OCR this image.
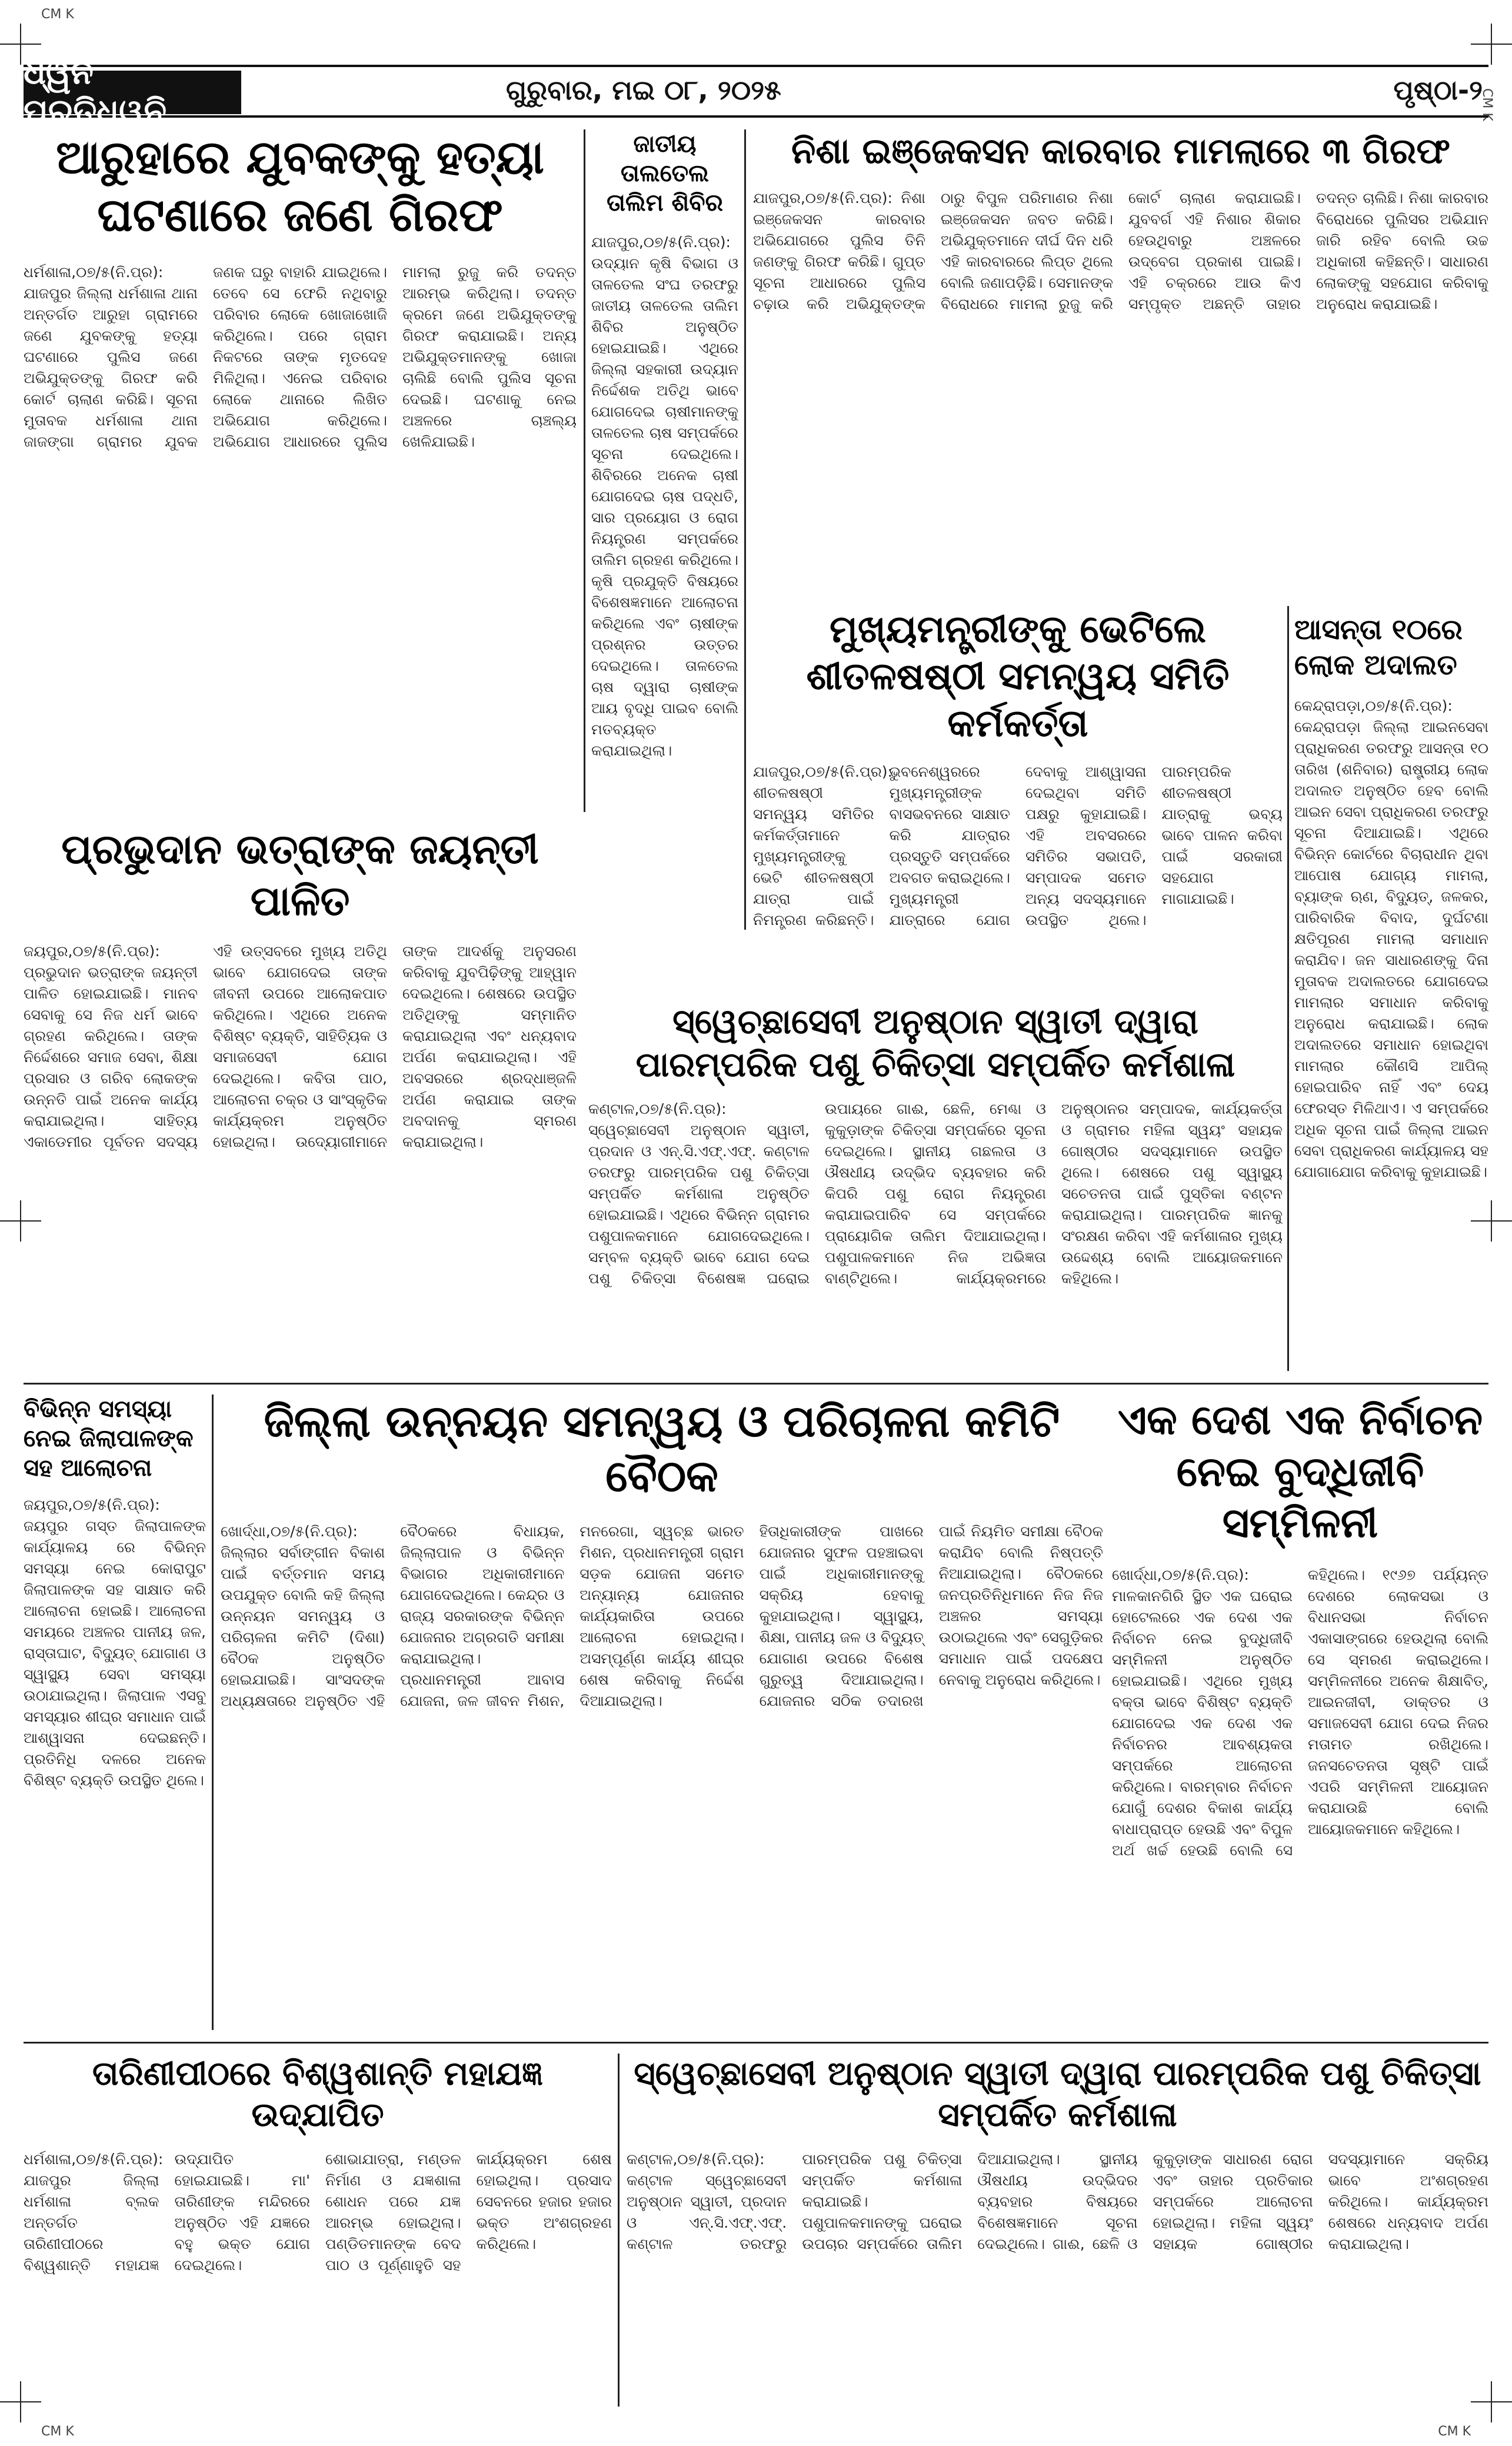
CM K
CM K
CM K	CM K
ଧ୍ୱନି ପ୍ରତିଧ୍ୱନି
ଗୁରୁବାର, ମଇ ୦୮, ୨୦୨୫	ପୃଷ୍ଠା-୨
ଆରୁହାରେ ଯୁବକଙ୍କୁ ହତ୍ୟା ଘଟଣାରେ ଜଣେ ଗିରଫ
ଧର୍ମଶାଳା,୦୭/୫(ନି.ପ୍ର): ଯାଜପୁର ଜିଲ୍ଲା ଧର୍ମଶାଳା ଥାନା ଅନ୍ତର୍ଗତ ଆରୁହା ଗ୍ରାମରେ ଜଣେ ଯୁବକଙ୍କୁ ହତ୍ୟା ଘଟଣାରେ ପୁଲିସ ଜଣେ ଅଭିଯୁକ୍ତଙ୍କୁ ଗିରଫ କରି କୋର୍ଟ ଚାଲାଣ କରିଛି। ସୂଚନା ମୁତାବକ ଧର୍ମଶାଳା ଥାନା ଜାଜଙ୍ଗା ଗ୍ରାମର ଯୁବକ ଜଣକ ଘରୁ ବାହାରି ଯାଇଥିଲେ। ତେବେ ସେ ଫେରି ନଥିବାରୁ ପରିବାର ଲୋକେ ଖୋଜାଖୋଜି କରିଥିଲେ। ପରେ ଗ୍ରାମ ନିକଟରେ ତାଙ୍କ ମୃତଦେହ ମିଳିଥିଲା। ଏନେଇ ପରିବାର ଲୋକେ ଥାନାରେ ଲିଖିତ ଅଭିଯୋଗ କରିଥିଲେ। ଅଭିଯୋଗ ଆଧାରରେ ପୁଲିସ ମାମଲା ରୁଜୁ କରି ତଦନ୍ତ ଆରମ୍ଭ କରିଥିଲା। ତଦନ୍ତ କ୍ରମେ ଜଣେ ଅଭିଯୁକ୍ତଙ୍କୁ ଗିରଫ କରାଯାଇଛି। ଅନ୍ୟ ଅଭିଯୁକ୍ତମାନଙ୍କୁ ଖୋଜା ଚାଲିଛି ବୋଲି ପୁଲିସ ସୂଚନା ଦେଇଛି। ଘଟଣାକୁ ନେଇ ଅଞ୍ଚଳରେ ଚାଞ୍ଚଲ୍ୟ ଖେଳିଯାଇଛି।
ଜାତୀୟ ତାଲତେଲ ତାଲିମ ଶିବିର
ଯାଜପୁର,୦୭/୫(ନି.ପ୍ର): ଉଦ୍ୟାନ କୃଷି ବିଭାଗ ଓ ତାଳତେଲ ସଂଘ ତରଫରୁ ଜାତୀୟ ତାଳତେଲ ତାଲିମ ଶିବିର ଅନୁଷ୍ଠିତ ହୋଇଯାଇଛି। ଏଥିରେ ଜିଲ୍ଲା ସହକାରୀ ଉଦ୍ୟାନ ନିର୍ଦ୍ଦେଶକ ଅତିଥି ଭାବେ ଯୋଗଦେଇ ଚାଷୀମାନଙ୍କୁ ତାଳତେଲ ଚାଷ ସମ୍ପର୍କରେ ସୂଚନା ଦେଇଥିଲେ। ଶିବିରରେ ଅନେକ ଚାଷୀ ଯୋଗଦେଇ ଚାଷ ପଦ୍ଧତି, ସାର ପ୍ରୟୋଗ ଓ ରୋଗ ନିୟନ୍ତ୍ରଣ ସମ୍ପର୍କରେ ତାଲିମ ଗ୍ରହଣ କରିଥିଲେ। କୃଷି ପ୍ରଯୁକ୍ତି ବିଷୟରେ ବିଶେଷଜ୍ଞମାନେ ଆଲୋଚନା କରିଥିଲେ ଏବଂ ଚାଷୀଙ୍କ ପ୍ରଶ୍ନର ଉତ୍ତର ଦେଇଥିଲେ। ତାଳତେଲ ଚାଷ ଦ୍ୱାରା ଚାଷୀଙ୍କ ଆୟ ବୃଦ୍ଧି ପାଇବ ବୋଲି ମତବ୍ୟକ୍ତ କରାଯାଇଥିଲା।
ନିଶା ଇଞ୍ଜେକସନ କାରବାର ମାମଲାରେ ୩ ଗିରଫ
ଯାଜପୁର,୦୭/୫(ନି.ପ୍ର): ନିଶା ଇଞ୍ଜେକସନ କାରବାର ଅଭିଯୋଗରେ ପୁଲିସ ତିନି ଜଣଙ୍କୁ ଗିରଫ କରିଛି। ଗୁପ୍ତ ସୂଚନା ଆଧାରରେ ପୁଲିସ ଚଢ଼ାଉ କରି ଅଭିଯୁକ୍ତଙ୍କ ଠାରୁ ବିପୁଳ ପରିମାଣର ନିଶା ଇଞ୍ଜେକସନ ଜବତ କରିଛି। ଅଭିଯୁକ୍ତମାନେ ଦୀର୍ଘ ଦିନ ଧରି ଏହି କାରବାରରେ ଲିପ୍ତ ଥିଲେ ବୋଲି ଜଣାପଡ଼ିଛି। ସେମାନଙ୍କ ବିରୋଧରେ ମାମଲା ରୁଜୁ କରି କୋର୍ଟ ଚାଲାଣ କରାଯାଇଛି। ଯୁବବର୍ଗ ଏହି ନିଶାର ଶିକାର ହେଉଥିବାରୁ ଅଞ୍ଚଳରେ ଉଦ୍‌ବେଗ ପ୍ରକାଶ ପାଇଛି। ଏହି ଚକ୍ରରେ ଆଉ କିଏ ସମ୍ପୃକ୍ତ ଅଛନ୍ତି ତାହାର ତଦନ୍ତ ଚାଲିଛି। ନିଶା କାରବାର ବିରୋଧରେ ପୁଲିସର ଅଭିଯାନ ଜାରି ରହିବ ବୋଲି ଉଚ୍ଚ ଅଧିକାରୀ କହିଛନ୍ତି। ସାଧାରଣ ଲୋକଙ୍କୁ ସହଯୋଗ କରିବାକୁ ଅନୁରୋଧ କରାଯାଇଛି।
ମୁଖ୍ୟମନ୍ତ୍ରୀଙ୍କୁ ଭେଟିଲେ ଶୀତଳଷଷ୍ଠୀ ସମନ୍ୱୟ ସମିତି କର୍ମକର୍ତ୍ତା
ଯାଜପୁର,୦୭/୫(ନି.ପ୍ର): ଶୀତଳଷଷ୍ଠୀ ସମନ୍ୱୟ ସମିତିର କର୍ମକର୍ତ୍ତାମାନେ ମୁଖ୍ୟମନ୍ତ୍ରୀଙ୍କୁ ଭେଟି ଶୀତଳଷଷ୍ଠୀ ଯାତ୍ରା ପାଇଁ ନିମନ୍ତ୍ରଣ କରିଛନ୍ତି। ଭୁବନେଶ୍ୱରରେ ମୁଖ୍ୟମନ୍ତ୍ରୀଙ୍କ ବାସଭବନରେ ସାକ୍ଷାତ କରି ଯାତ୍ରାର ପ୍ରସ୍ତୁତି ସମ୍ପର୍କରେ ଅବଗତ କରାଇଥିଲେ। ମୁଖ୍ୟମନ୍ତ୍ରୀ ଯାତ୍ରାରେ ଯୋଗ ଦେବାକୁ ଆଶ୍ୱାସନା ଦେଇଥିବା ସମିତି ପକ୍ଷରୁ କୁହାଯାଇଛି। ଏହି ଅବସରରେ ସମିତିର ସଭାପତି, ସମ୍ପାଦକ ସମେତ ଅନ୍ୟ ସଦସ୍ୟମାନେ ଉପସ୍ଥିତ ଥିଲେ। ପାରମ୍ପରିକ ଶୀତଳଷଷ୍ଠୀ ଯାତ୍ରାକୁ ଭବ୍ୟ ଭାବେ ପାଳନ କରିବା ପାଇଁ ସରକାରୀ ସହଯୋଗ ମାଗାଯାଇଛି।
ଆସନ୍ତା ୧୦ରେ ଲୋକ ଅଦାଲତ
କେନ୍ଦ୍ରାପଡ଼ା,୦୭/୫(ନି.ପ୍ର): କେନ୍ଦ୍ରାପଡ଼ା ଜିଲ୍ଲା ଆଇନସେବା ପ୍ରାଧିକରଣ ତରଫରୁ ଆସନ୍ତା ୧୦ ତାରିଖ (ଶନିବାର) ରାଷ୍ଟ୍ରୀୟ ଲୋକ ଅଦାଲତ ଅନୁଷ୍ଠିତ ହେବ ବୋଲି ଆଇନ ସେବା ପ୍ରାଧିକରଣ ତରଫରୁ ସୂଚନା ଦିଆଯାଇଛି। ଏଥିରେ ବିଭିନ୍ନ କୋର୍ଟରେ ବିଚାରାଧୀନ ଥିବା ଆପୋଷ ଯୋଗ୍ୟ ମାମଲା, ବ୍ୟାଙ୍କ ଋଣ, ବିଦ୍ୟୁତ୍, ଜଳକର, ପାରିବାରିକ ବିବାଦ, ଦୁର୍ଘଟଣା କ୍ଷତିପୂରଣ ମାମଲା ସମାଧାନ କରାଯିବ। ଜନ ସାଧାରଣଙ୍କୁ ଦିନା ମୁତାବକ ଅଦାଲତରେ ଯୋଗଦେଇ ମାମଲାର ସମାଧାନ କରିବାକୁ ଅନୁରୋଧ କରାଯାଇଛି। ଲୋକ ଅଦାଲତରେ ସମାଧାନ ହୋଇଥିବା ମାମଲାର କୌଣସି ଆପିଲ୍ ହୋଇପାରିବ ନାହିଁ ଏବଂ ଦେୟ ଫେରସ୍ତ ମିଳିଥାଏ। ଏ ସମ୍ପର୍କରେ ଅଧିକ ସୂଚନା ପାଇଁ ଜିଲ୍ଲା ଆଇନ ସେବା ପ୍ରାଧିକରଣ କାର୍ଯ୍ୟାଳୟ ସହ ଯୋଗାଯୋଗ କରିବାକୁ କୁହାଯାଇଛି।
ପ୍ରଭୁଦାନ ଭତ୍ରାଙ୍କ ଜୟନ୍ତୀ ପାଳିତ
ଜୟପୁର,୦୭/୫(ନି.ପ୍ର): ପ୍ରଭୁଦାନ ଭତ୍ରାଙ୍କ ଜୟନ୍ତୀ ପାଳିତ ହୋଇଯାଇଛି। ମାନବ ସେବାକୁ ସେ ନିଜ ଧର୍ମ ଭାବେ ଗ୍ରହଣ କରିଥିଲେ। ତାଙ୍କ ନିର୍ଦ୍ଦେଶରେ ସମାଜ ସେବା, ଶିକ୍ଷା ପ୍ରସାର ଓ ଗରିବ ଲୋକଙ୍କ ଉନ୍ନତି ପାଇଁ ଅନେକ କାର୍ଯ୍ୟ କରାଯାଇଥିଲା। ସାହିତ୍ୟ ଏକାଡେମୀର ପୂର୍ବତନ ସଦସ୍ୟ ଏହି ଉତ୍ସବରେ ମୁଖ୍ୟ ଅତିଥି ଭାବେ ଯୋଗଦେଇ ତାଙ୍କ ଜୀବନୀ ଉପରେ ଆଲୋକପାତ କରିଥିଲେ। ଏଥିରେ ଅନେକ ବିଶିଷ୍ଟ ବ୍ୟକ୍ତି, ସାହିତ୍ୟିକ ଓ ସମାଜସେବୀ ଯୋଗ ଦେଇଥିଲେ। କବିତା ପାଠ, ଆଲୋଚନା ଚକ୍ର ଓ ସାଂସ୍କୃତିକ କାର୍ଯ୍ୟକ୍ରମ ଅନୁଷ୍ଠିତ ହୋଇଥିଲା। ଉଦ୍ୟୋଗୀମାନେ ତାଙ୍କ ଆଦର୍ଶକୁ ଅନୁସରଣ କରିବାକୁ ଯୁବପିଢ଼ିଙ୍କୁ ଆହ୍ୱାନ ଦେଇଥିଲେ। ଶେଷରେ ଉପସ୍ଥିତ ଅତିଥିଙ୍କୁ ସମ୍ମାନିତ କରାଯାଇଥିଲା ଏବଂ ଧନ୍ୟବାଦ ଅର୍ପଣ କରାଯାଇଥିଲା। ଏହି ଅବସରରେ ଶ୍ରଦ୍ଧାଞ୍ଜଳି ଅର୍ପଣ କରାଯାଇ ତାଙ୍କ ଅବଦାନକୁ ସ୍ମରଣ କରାଯାଇଥିଲା।
ସ୍ୱେଚ୍ଛାସେବୀ ଅନୁଷ୍ଠାନ ସ୍ୱାତୀ ଦ୍ୱାରା ପାରମ୍ପରିକ ପଶୁ ଚିକିତ୍ସା ସମ୍ପର୍କିତ କର୍ମଶାଳା
କଣ୍ଟାଳ,୦୭/୫(ନି.ପ୍ର): ସ୍ୱେଚ୍ଛାସେବୀ ଅନୁଷ୍ଠାନ ସ୍ୱାତୀ, ପ୍ରଦାନ ଓ ଏନ୍.ସି.ଏଫ୍.ଏଫ୍. କଣ୍ଟାଳ ତରଫରୁ ପାରମ୍ପରିକ ପଶୁ ଚିକିତ୍ସା ସମ୍ପର୍କିତ କର୍ମଶାଳା ଅନୁଷ୍ଠିତ ହୋଇଯାଇଛି। ଏଥିରେ ବିଭିନ୍ନ ଗ୍ରାମର ପଶୁପାଳକମାନେ ଯୋଗଦେଇଥିଲେ। ସମ୍ବଳ ବ୍ୟକ୍ତି ଭାବେ ଯୋଗ ଦେଇ ପଶୁ ଚିକିତ୍ସା ବିଶେଷଜ୍ଞ ଘରୋଇ ଉପାୟରେ ଗାଈ, ଛେଳି, ମେଣ୍ଢା ଓ କୁକୁଡ଼ାଙ୍କ ଚିକିତ୍ସା ସମ୍ପର୍କରେ ସୂଚନା ଦେଇଥିଲେ। ସ୍ଥାନୀୟ ଗଛଲତା ଓ ଔଷଧୀୟ ଉଦ୍ଭିଦ ବ୍ୟବହାର କରି କିପରି ପଶୁ ରୋଗ ନିୟନ୍ତ୍ରଣ କରାଯାଇପାରିବ ସେ ସମ୍ପର୍କରେ ପ୍ରାୟୋଗିକ ତାଲିମ ଦିଆଯାଇଥିଲା। ପଶୁପାଳକମାନେ ନିଜ ଅଭିଜ୍ଞତା ବାଣ୍ଟିଥିଲେ। କାର୍ଯ୍ୟକ୍ରମରେ ଅନୁଷ୍ଠାନର ସମ୍ପାଦକ, କାର୍ଯ୍ୟକର୍ତ୍ତା ଓ ଗ୍ରାମର ମହିଳା ସ୍ୱୟଂ ସହାୟକ ଗୋଷ୍ଠୀର ସଦସ୍ୟାମାନେ ଉପସ୍ଥିତ ଥିଲେ। ଶେଷରେ ପଶୁ ସ୍ୱାସ୍ଥ୍ୟ ସଚେତନତା ପାଇଁ ପୁସ୍ତିକା ବଣ୍ଟନ କରାଯାଇଥିଲା। ପାରମ୍ପରିକ ଜ୍ଞାନକୁ ସଂରକ୍ଷଣ କରିବା ଏହି କର୍ମଶାଳାର ମୁଖ୍ୟ ଉଦ୍ଦେଶ୍ୟ ବୋଲି ଆୟୋଜକମାନେ କହିଥିଲେ।
ବିଭିନ୍ନ ସମସ୍ୟା ନେଇ ଜିଲାପାଳଙ୍କ ସହ ଆଲୋଚନା
ଜୟପୁର,୦୭/୫(ନି.ପ୍ର): ଜୟପୁର ଗସ୍ତ ଜିଲାପାଳଙ୍କ କାର୍ଯ୍ୟାଳୟ ରେ ବିଭିନ୍ନ ସମସ୍ୟା ନେଇ କୋରାପୁଟ ଜିଲାପାଳଙ୍କ ସହ ସାକ୍ଷାତ କରି ଆଲୋଚନା ହୋଇଛି। ଆଲୋଚନା ସମୟରେ ଅଞ୍ଚଳର ପାନୀୟ ଜଳ, ରାସ୍ତାଘାଟ, ବିଦ୍ୟୁତ୍ ଯୋଗାଣ ଓ ସ୍ୱାସ୍ଥ୍ୟ ସେବା ସମସ୍ୟା ଉଠାଯାଇଥିଲା। ଜିଲାପାଳ ଏସବୁ ସମସ୍ୟାର ଶୀଘ୍ର ସମାଧାନ ପାଇଁ ଆଶ୍ୱାସନା ଦେଇଛନ୍ତି। ପ୍ରତିନିଧି ଦଳରେ ଅନେକ ବିଶିଷ୍ଟ ବ୍ୟକ୍ତି ଉପସ୍ଥିତ ଥିଲେ।
ଜିଲ୍ଲା ଉନ୍ନୟନ ସମନ୍ୱୟ ଓ ପରିଚାଳନା କମିଟି ବୈଠକ
ଖୋର୍ଦ୍ଧା,୦୭/୫(ନି.ପ୍ର): ଜିଲ୍ଲାର ସର୍ବାଙ୍ଗୀନ ବିକାଶ ପାଇଁ ବର୍ତ୍ତମାନ ସମୟ ଉପଯୁକ୍ତ ବୋଲି କହି ଜିଲ୍ଲା ଉନ୍ନୟନ ସମନ୍ୱୟ ଓ ପରିଚାଳନା କମିଟି (ଦିଶା) ବୈଠକ ଅନୁଷ୍ଠିତ ହୋଇଯାଇଛି। ସାଂସଦଙ୍କ ଅଧ୍ୟକ୍ଷତାରେ ଅନୁଷ୍ଠିତ ଏହି ବୈଠକରେ ବିଧାୟକ, ଜିଲ୍ଲାପାଳ ଓ ବିଭିନ୍ନ ବିଭାଗର ଅଧିକାରୀମାନେ ଯୋଗଦେଇଥିଲେ। କେନ୍ଦ୍ର ଓ ରାଜ୍ୟ ସରକାରଙ୍କ ବିଭିନ୍ନ ଯୋଜନାର ଅଗ୍ରଗତି ସମୀକ୍ଷା କରାଯାଇଥିଲା। ପ୍ରଧାନମନ୍ତ୍ରୀ ଆବାସ ଯୋଜନା, ଜଳ ଜୀବନ ମିଶନ, ମନରେଗା, ସ୍ୱଚ୍ଛ ଭାରତ ମିଶନ, ପ୍ରଧାନମନ୍ତ୍ରୀ ଗ୍ରାମ ସଡ଼କ ଯୋଜନା ସମେତ ଅନ୍ୟାନ୍ୟ ଯୋଜନାର କାର୍ଯ୍ୟକାରିତା ଉପରେ ଆଲୋଚନା ହୋଇଥିଲା। ଅସମ୍ପୂର୍ଣ୍ଣ କାର୍ଯ୍ୟ ଶୀଘ୍ର ଶେଷ କରିବାକୁ ନିର୍ଦ୍ଦେଶ ଦିଆଯାଇଥିଲା। ହିତାଧିକାରୀଙ୍କ ପାଖରେ ଯୋଜନାର ସୁଫଳ ପହଞ୍ଚାଇବା ପାଇଁ ଅଧିକାରୀମାନଙ୍କୁ ସକ୍ରିୟ ହେବାକୁ କୁହାଯାଇଥିଲା। ସ୍ୱାସ୍ଥ୍ୟ, ଶିକ୍ଷା, ପାନୀୟ ଜଳ ଓ ବିଦ୍ୟୁତ୍ ଯୋଗାଣ ଉପରେ ବିଶେଷ ଗୁରୁତ୍ୱ ଦିଆଯାଇଥିଲା। ଯୋଜନାର ସଠିକ ତଦାରଖ ପାଇଁ ନିୟମିତ ସମୀକ୍ଷା ବୈଠକ କରାଯିବ ବୋଲି ନିଷ୍ପତ୍ତି ନିଆଯାଇଥିଲା। ବୈଠକରେ ଜନପ୍ରତିନିଧିମାନେ ନିଜ ନିଜ ଅଞ୍ଚଳର ସମସ୍ୟା ଉଠାଇଥିଲେ ଏବଂ ସେଗୁଡ଼ିକର ସମାଧାନ ପାଇଁ ପଦକ୍ଷେପ ନେବାକୁ ଅନୁରୋଧ କରିଥିଲେ।
ଏକ ଦେଶ ଏକ ନିର୍ବାଚନ ନେଇ ବୁଦ୍ଧିଜୀବି ସମ୍ମିଳନୀ
ଖୋର୍ଦ୍ଧା,୦୭/୫(ନି.ପ୍ର): ମାଳକାନଗିରି ସ୍ଥିତ ଏକ ଘରୋଇ ହୋଟେଲରେ ଏକ ଦେଶ ଏକ ନିର୍ବାଚନ ନେଇ ବୁଦ୍ଧିଜୀବି ସମ୍ମିଳନୀ ଅନୁଷ୍ଠିତ ହୋଇଯାଇଛି। ଏଥିରେ ମୁଖ୍ୟ ବକ୍ତା ଭାବେ ବିଶିଷ୍ଟ ବ୍ୟକ୍ତି ଯୋଗଦେଇ ଏକ ଦେଶ ଏକ ନିର୍ବାଚନର ଆବଶ୍ୟକତା ସମ୍ପର୍କରେ ଆଲୋଚନା କରିଥିଲେ। ବାରମ୍ବାର ନିର୍ବାଚନ ଯୋଗୁଁ ଦେଶର ବିକାଶ କାର୍ଯ୍ୟ ବାଧାପ୍ରାପ୍ତ ହେଉଛି ଏବଂ ବିପୁଳ ଅର୍ଥ ଖର୍ଚ୍ଚ ହେଉଛି ବୋଲି ସେ କହିଥିଲେ। ୧୯୬୭ ପର୍ଯ୍ୟନ୍ତ ଦେଶରେ ଲୋକସଭା ଓ ବିଧାନସଭା ନିର୍ବାଚନ ଏକାସାଙ୍ଗରେ ହେଉଥିଲା ବୋଲି ସେ ସ୍ମରଣ କରାଇଥିଲେ। ସମ୍ମିଳନୀରେ ଅନେକ ଶିକ୍ଷାବିତ୍, ଆଇନଜୀବୀ, ଡାକ୍ତର ଓ ସମାଜସେବୀ ଯୋଗ ଦେଇ ନିଜର ମତାମତ ରଖିଥିଲେ। ଜନସଚେତନତା ସୃଷ୍ଟି ପାଇଁ ଏପରି ସମ୍ମିଳନୀ ଆୟୋଜନ କରାଯାଉଛି ବୋଲି ଆୟୋଜକମାନେ କହିଥିଲେ।
ତାରିଣୀପୀଠରେ ବିଶ୍ୱଶାନ୍ତି ମହାଯଜ୍ଞ ଉଦ୍‌ଯାପିତ
ଧର୍ମଶାଳା,୦୭/୫(ନି.ପ୍ର): ଯାଜପୁର ଜିଲ୍ଲା ଧର୍ମଶାଳା ବ୍ଲକ ଅନ୍ତର୍ଗତ ତାରିଣୀପୀଠରେ ବିଶ୍ୱଶାନ୍ତି ମହାଯଜ୍ଞ ଉଦ୍‌ଯାପିତ ହୋଇଯାଇଛି। ମା' ତାରିଣୀଙ୍କ ମନ୍ଦିରରେ ଅନୁଷ୍ଠିତ ଏହି ଯଜ୍ଞରେ ବହୁ ଭକ୍ତ ଯୋଗ ଦେଇଥିଲେ। ଶୋଭାଯାତ୍ରା, ମଣ୍ଡଳ ନିର୍ମାଣ ଓ ଯଜ୍ଞଶାଳା ଶୋଧନ ପରେ ଯଜ୍ଞ ଆରମ୍ଭ ହୋଇଥିଲା। ପଣ୍ଡିତମାନଙ୍କ ବେଦ ପାଠ ଓ ପୂର୍ଣ୍ଣାହୁତି ସହ କାର୍ଯ୍ୟକ୍ରମ ଶେଷ ହୋଇଥିଲା। ପ୍ରସାଦ ସେବନରେ ହଜାର ହଜାର ଭକ୍ତ ଅଂଶଗ୍ରହଣ କରିଥିଲେ।
ସ୍ୱେଚ୍ଛାସେବୀ ଅନୁଷ୍ଠାନ ସ୍ୱାତୀ ଦ୍ୱାରା ପାରମ୍ପରିକ ପଶୁ ଚିକିତ୍ସା ସମ୍ପର୍କିତ କର୍ମଶାଳା
କଣ୍ଟାଳ,୦୭/୫(ନି.ପ୍ର): କଣ୍ଟାଳ ସ୍ୱେଚ୍ଛାସେବୀ ଅନୁଷ୍ଠାନ ସ୍ୱାତୀ, ପ୍ରଦାନ ଓ ଏନ୍.ସି.ଏଫ୍.ଏଫ୍. କଣ୍ଟାଳ ତରଫରୁ ପାରମ୍ପରିକ ପଶୁ ଚିକିତ୍ସା ସମ୍ପର୍କିତ କର୍ମଶାଳା କରାଯାଇଛି। ପଶୁପାଳକମାନଙ୍କୁ ଘରୋଇ ଉପଚାର ସମ୍ପର୍କରେ ତାଲିମ ଦିଆଯାଇଥିଲା। ସ୍ଥାନୀୟ ଔଷଧୀୟ ଉଦ୍ଭିଦର ବ୍ୟବହାର ବିଷୟରେ ବିଶେଷଜ୍ଞମାନେ ସୂଚନା ଦେଇଥିଲେ। ଗାଈ, ଛେଳି ଓ କୁକୁଡ଼ାଙ୍କ ସାଧାରଣ ରୋଗ ଏବଂ ତାହାର ପ୍ରତିକାର ସମ୍ପର୍କରେ ଆଲୋଚନା ହୋଇଥିଲା। ମହିଳା ସ୍ୱୟଂ ସହାୟକ ଗୋଷ୍ଠୀର ସଦସ୍ୟାମାନେ ସକ୍ରିୟ ଭାବେ ଅଂଶଗ୍ରହଣ କରିଥିଲେ। କାର୍ଯ୍ୟକ୍ରମ ଶେଷରେ ଧନ୍ୟବାଦ ଅର୍ପଣ କରାଯାଇଥିଲା।
